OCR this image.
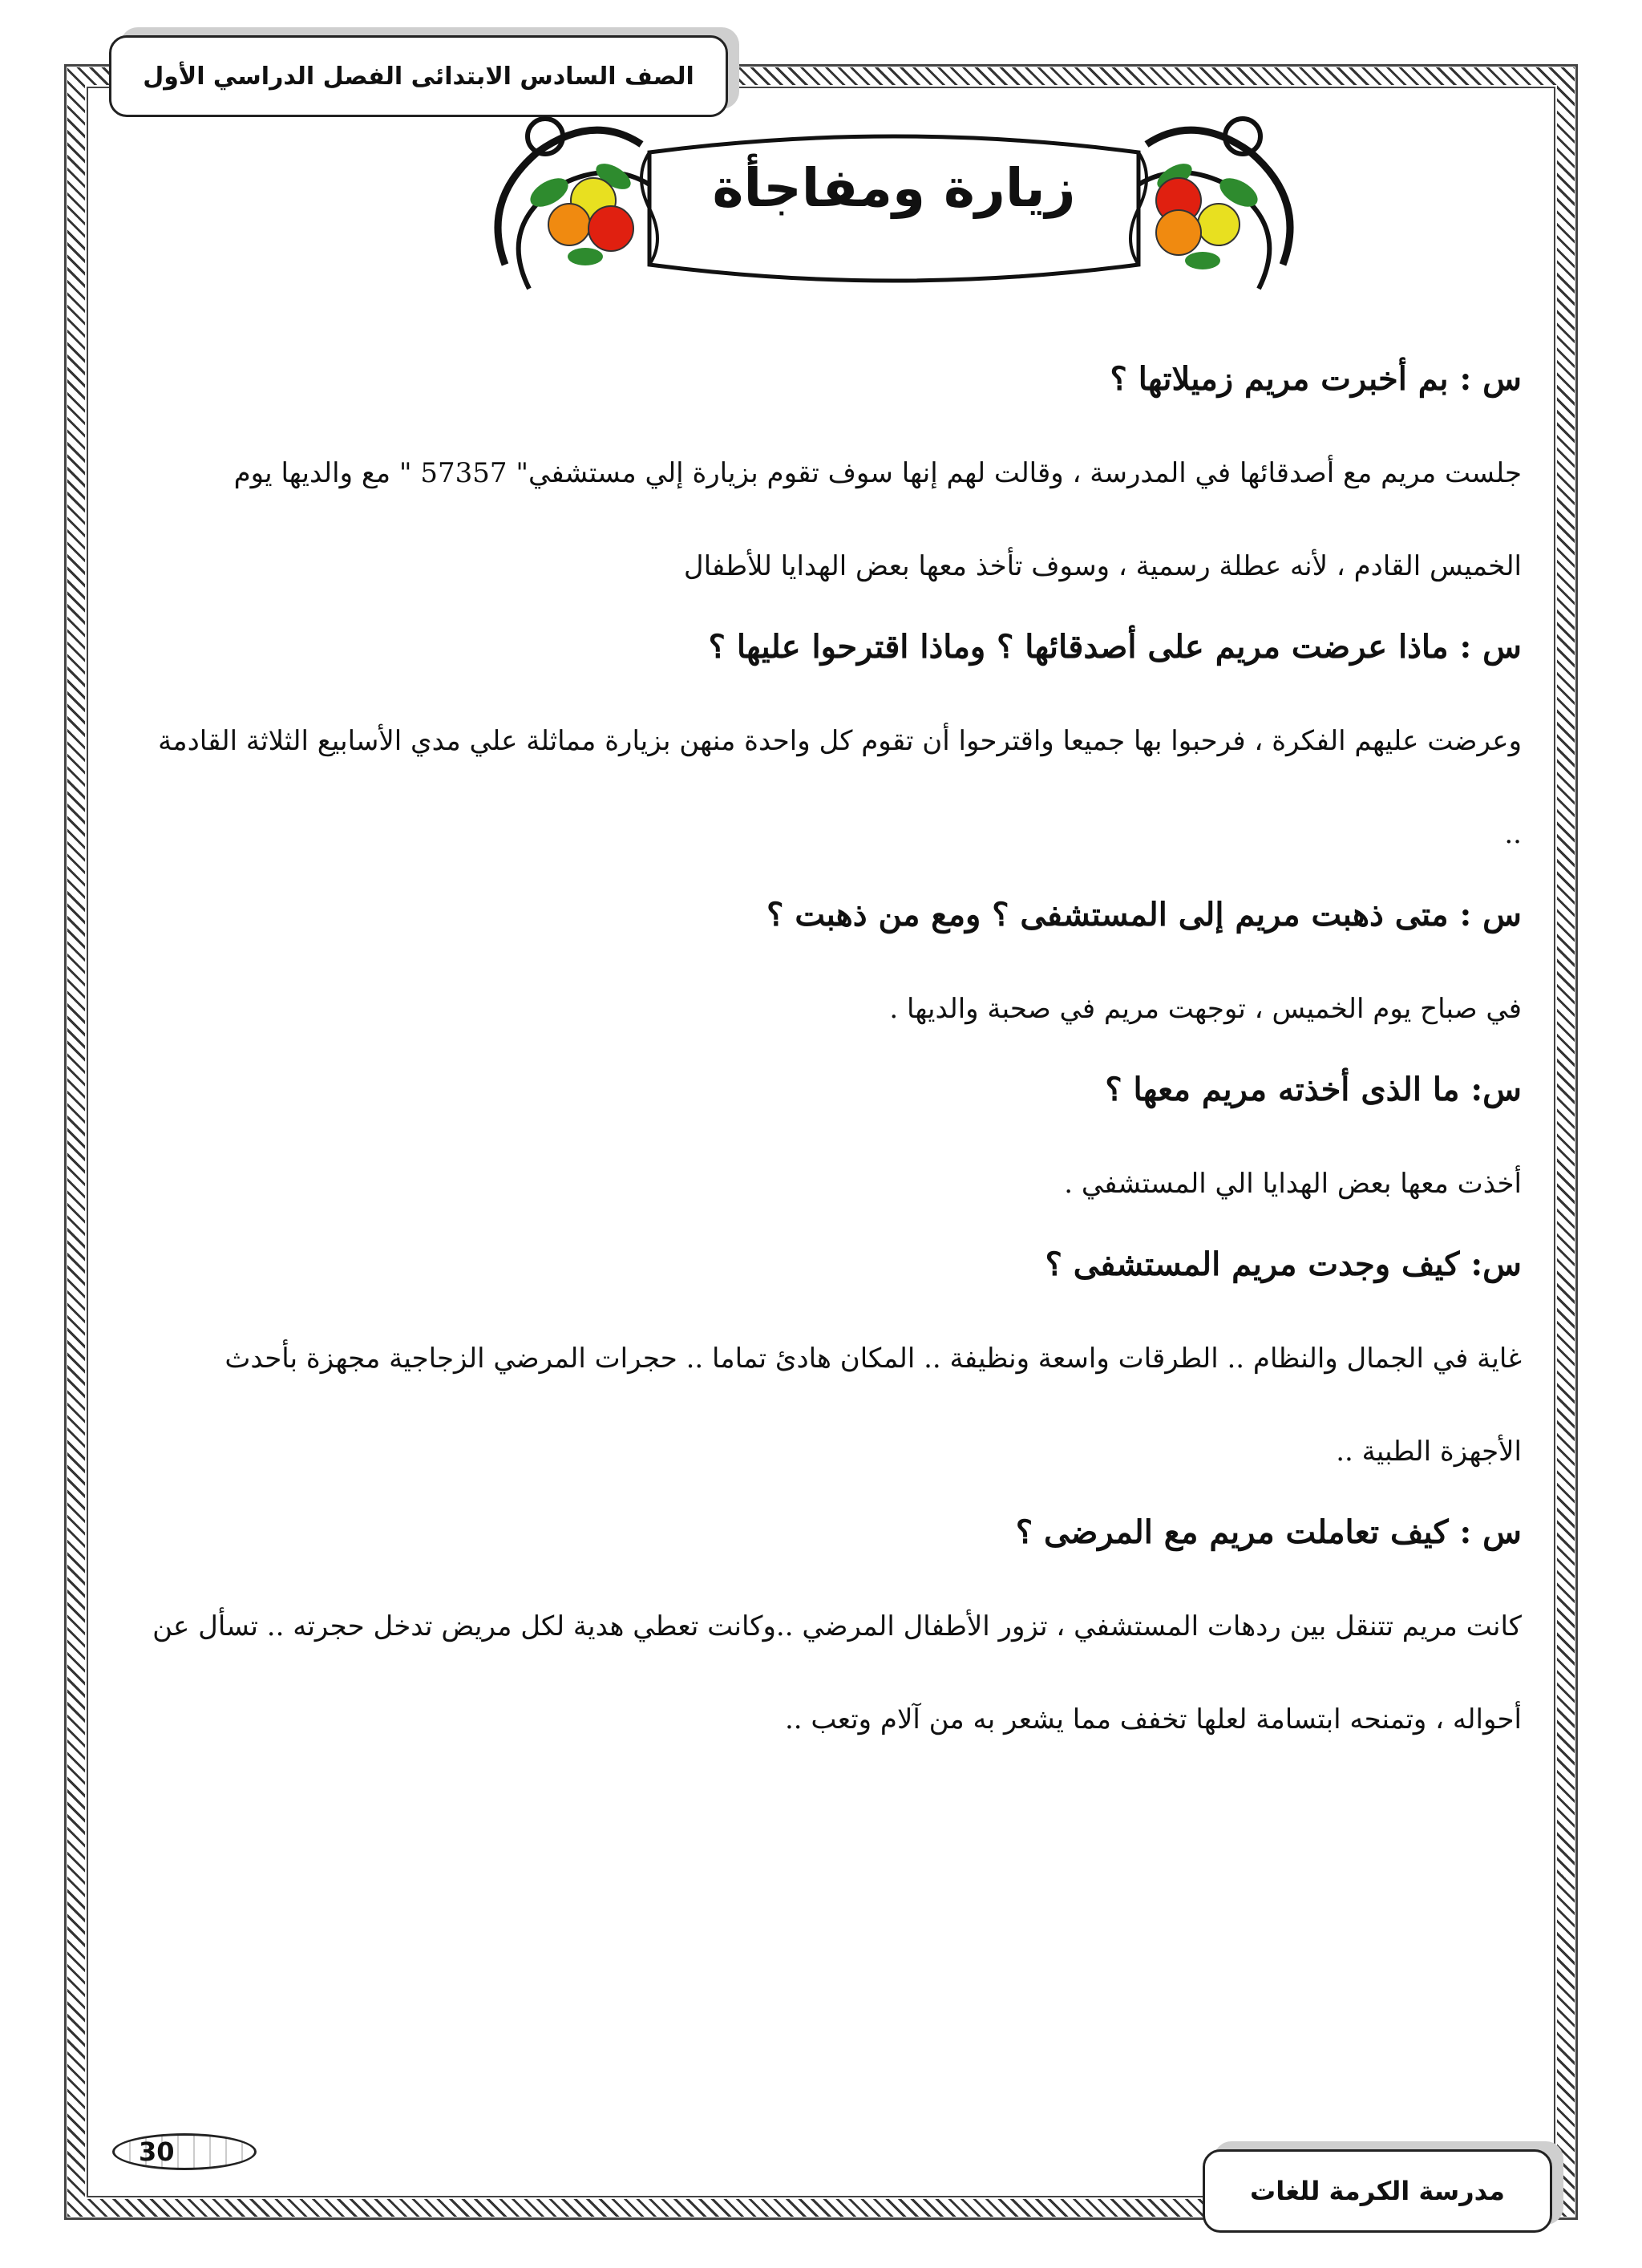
الصف السادس الابتدائى الفصل الدراسي الأول
زيارة ومفاجأة

س : بم أخبرت مريم زميلاتها ؟

جلست مريم مع أصدقائها في المدرسة ، وقالت لهم إنها سوف تقوم بزيارة إلي مستشفي" 57357 " مع والديها يوم الخميس القادم ، لأنه عطلة رسمية ، وسوف تأخذ معها بعض الهدايا للأطفال

س : ماذا عرضت مريم على أصدقائها ؟ وماذا اقترحوا عليها ؟

وعرضت عليهم الفكرة ، فرحبوا بها جميعا واقترحوا أن تقوم كل واحدة منهن بزيارة مماثلة علي مدي الأسابيع الثلاثة القادمة ..

س : متى ذهبت مريم إلى المستشفى ؟ ومع من ذهبت ؟

في صباح يوم الخميس ، توجهت مريم في صحبة والديها .

س: ما الذى أخذته مريم معها ؟

أخذت معها بعض الهدايا الي المستشفي .

س: كيف وجدت مريم المستشفى ؟

غاية في الجمال والنظام .. الطرقات واسعة ونظيفة .. المكان هادئ تماما .. حجرات المرضي الزجاجية مجهزة بأحدث الأجهزة الطبية ..

س : كيف تعاملت مريم مع المرضى ؟

كانت مريم تتنقل بين ردهات المستشفي ، تزور الأطفال المرضي ..وكانت تعطي هدية لكل مريض تدخل حجرته .. تسأل عن أحواله ، وتمنحه ابتسامة لعلها تخفف مما يشعر به من آلام وتعب ..

30
مدرسة الكرمة للغات
